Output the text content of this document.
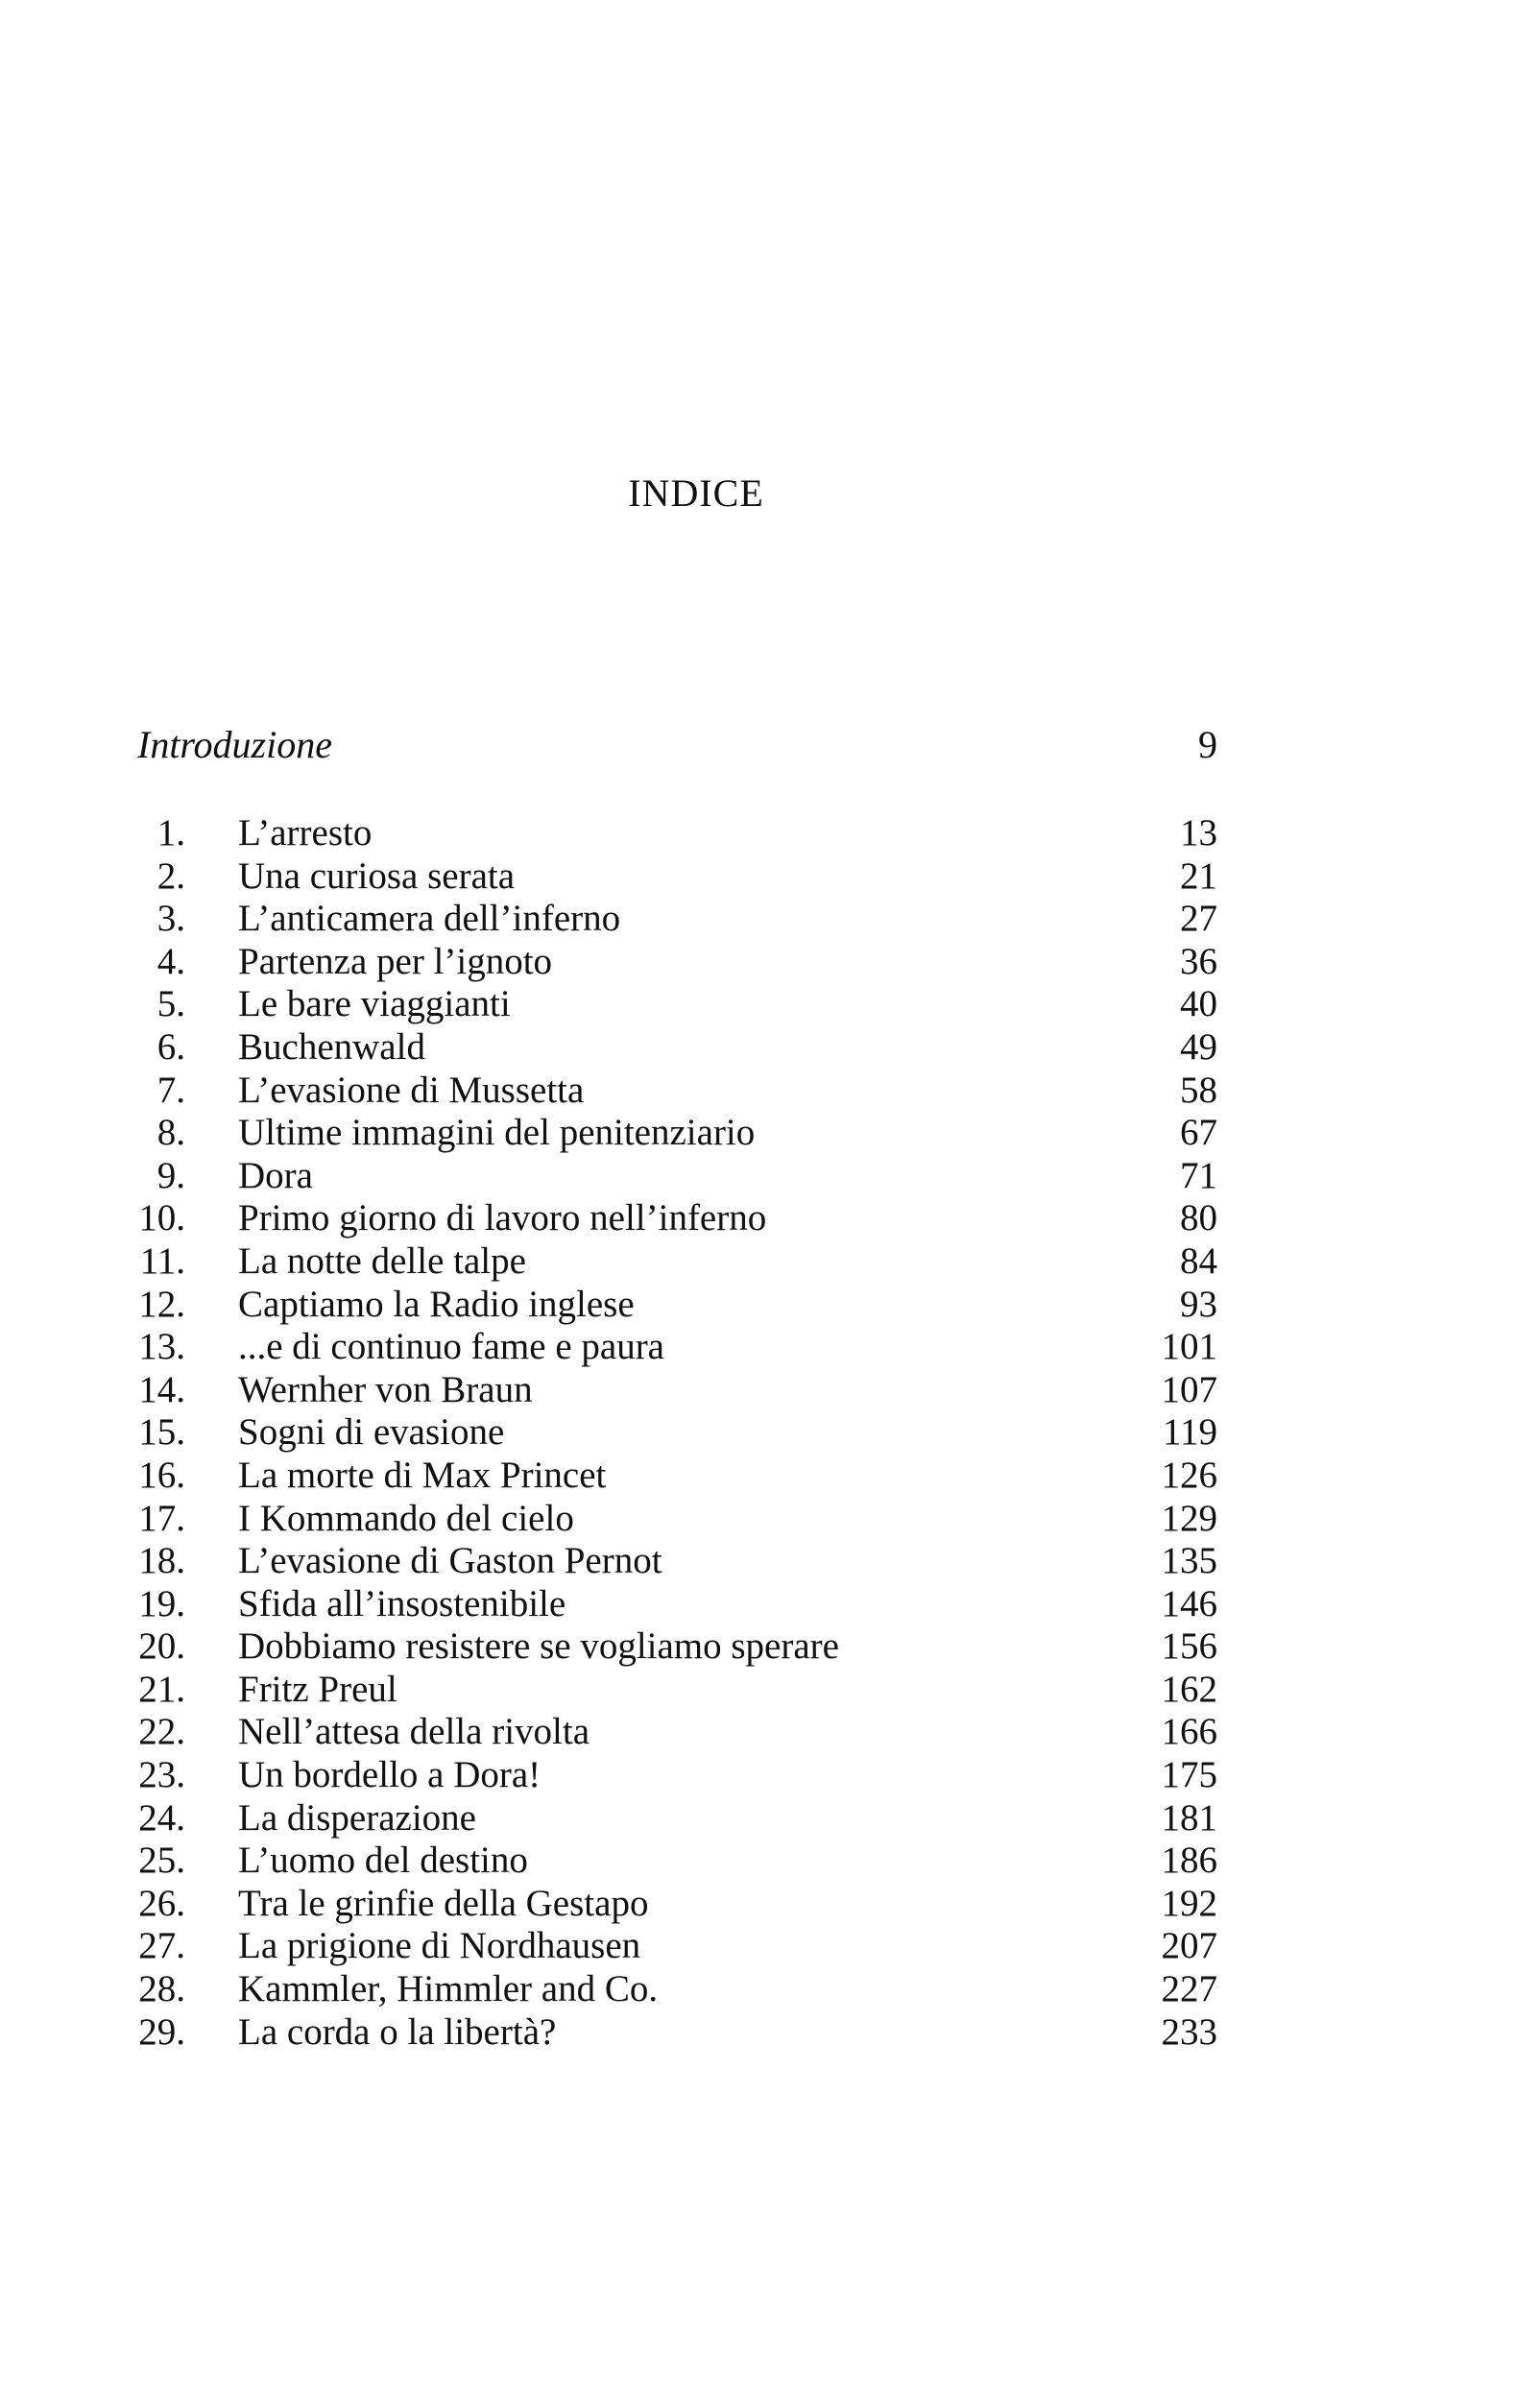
INDICE
Introduzione	9
1. L’arresto	13
2. Una curiosa serata	21
3. L’anticamera dell’inferno	27
4. Partenza per l’ignoto	36
5. Le bare viaggianti	40
6. Buchenwald	49
7. L’evasione di Mussetta	58
8. Ultime immagini del penitenziario	67
9. Dora	71
10. Primo giorno di lavoro nell’inferno	80
11. La notte delle talpe	84
12. Captiamo la Radio inglese	93
13. ...e di continuo fame e paura	101
14. Wernher von Braun	107
15. Sogni di evasione	119
16. La morte di Max Princet	126
17. I Kommando del cielo	129
18. L’evasione di Gaston Pernot	135
19. Sfida all’insostenibile	146
20. Dobbiamo resistere se vogliamo sperare	156
21. Fritz Preul	162
22. Nell’attesa della rivolta	166
23. Un bordello a Dora!	175
24. La disperazione	181
25. L’uomo del destino	186
26. Tra le grinfie della Gestapo	192
27. La prigione di Nordhausen	207
28. Kammler, Himmler and Co.	227
29. La corda o la libertà?	233
